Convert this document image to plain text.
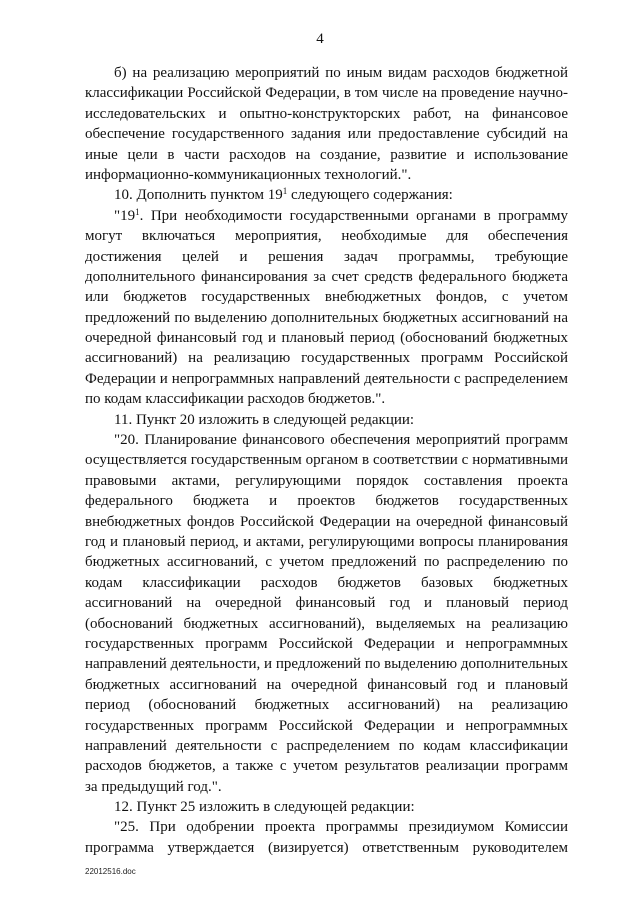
4
б) на реализацию мероприятий по иным видам расходов бюджетной
классификации Российской Федерации, в том числе на проведение научно-
исследовательских и опытно-конструкторских работ, на финансовое
обеспечение государственного задания или предоставление субсидий на
иные цели в части расходов на создание, развитие и использование
информационно-коммуникационных технологий.".
10. Дополнить пунктом $19^1$ следующего содержания:
"$19^1$. При необходимости государственными органами в программу
могут включаться мероприятия, необходимые для обеспечения
достижения целей и решения задач программы, требующие
дополнительного финансирования за счет средств федерального бюджета
или бюджетов государственных внебюджетных фондов, с учетом
предложений по выделению дополнительных бюджетных ассигнований на
очередной финансовый год и плановый период (обоснований бюджетных
ассигнований) на реализацию государственных программ Российской
Федерации и непрограммных направлений деятельности с распределением
по кодам классификации расходов бюджетов.".
11. Пункт 20 изложить в следующей редакции:
"20. Планирование финансового обеспечения мероприятий программ
осуществляется государственным органом в соответствии с нормативными
правовыми актами, регулирующими порядок составления проекта
федерального бюджета и проектов бюджетов государственных
внебюджетных фондов Российской Федерации на очередной финансовый
год и плановый период, и актами, регулирующими вопросы планирования
бюджетных ассигнований, с учетом предложений по распределению по
кодам классификации расходов бюджетов базовых бюджетных
ассигнований на очередной финансовый год и плановый период
(обоснований бюджетных ассигнований), выделяемых на реализацию
государственных программ Российской Федерации и непрограммных
направлений деятельности, и предложений по выделению дополнительных
бюджетных ассигнований на очередной финансовый год и плановый
период (обоснований бюджетных ассигнований) на реализацию
государственных программ Российской Федерации и непрограммных
направлений деятельности с распределением по кодам классификации
расходов бюджетов, а также с учетом результатов реализации программ
за предыдущий год.".
12. Пункт 25 изложить в следующей редакции:
"25. При одобрении проекта программы президиумом Комиссии
программа утверждается (визируется) ответственным руководителем
22012516.doc
